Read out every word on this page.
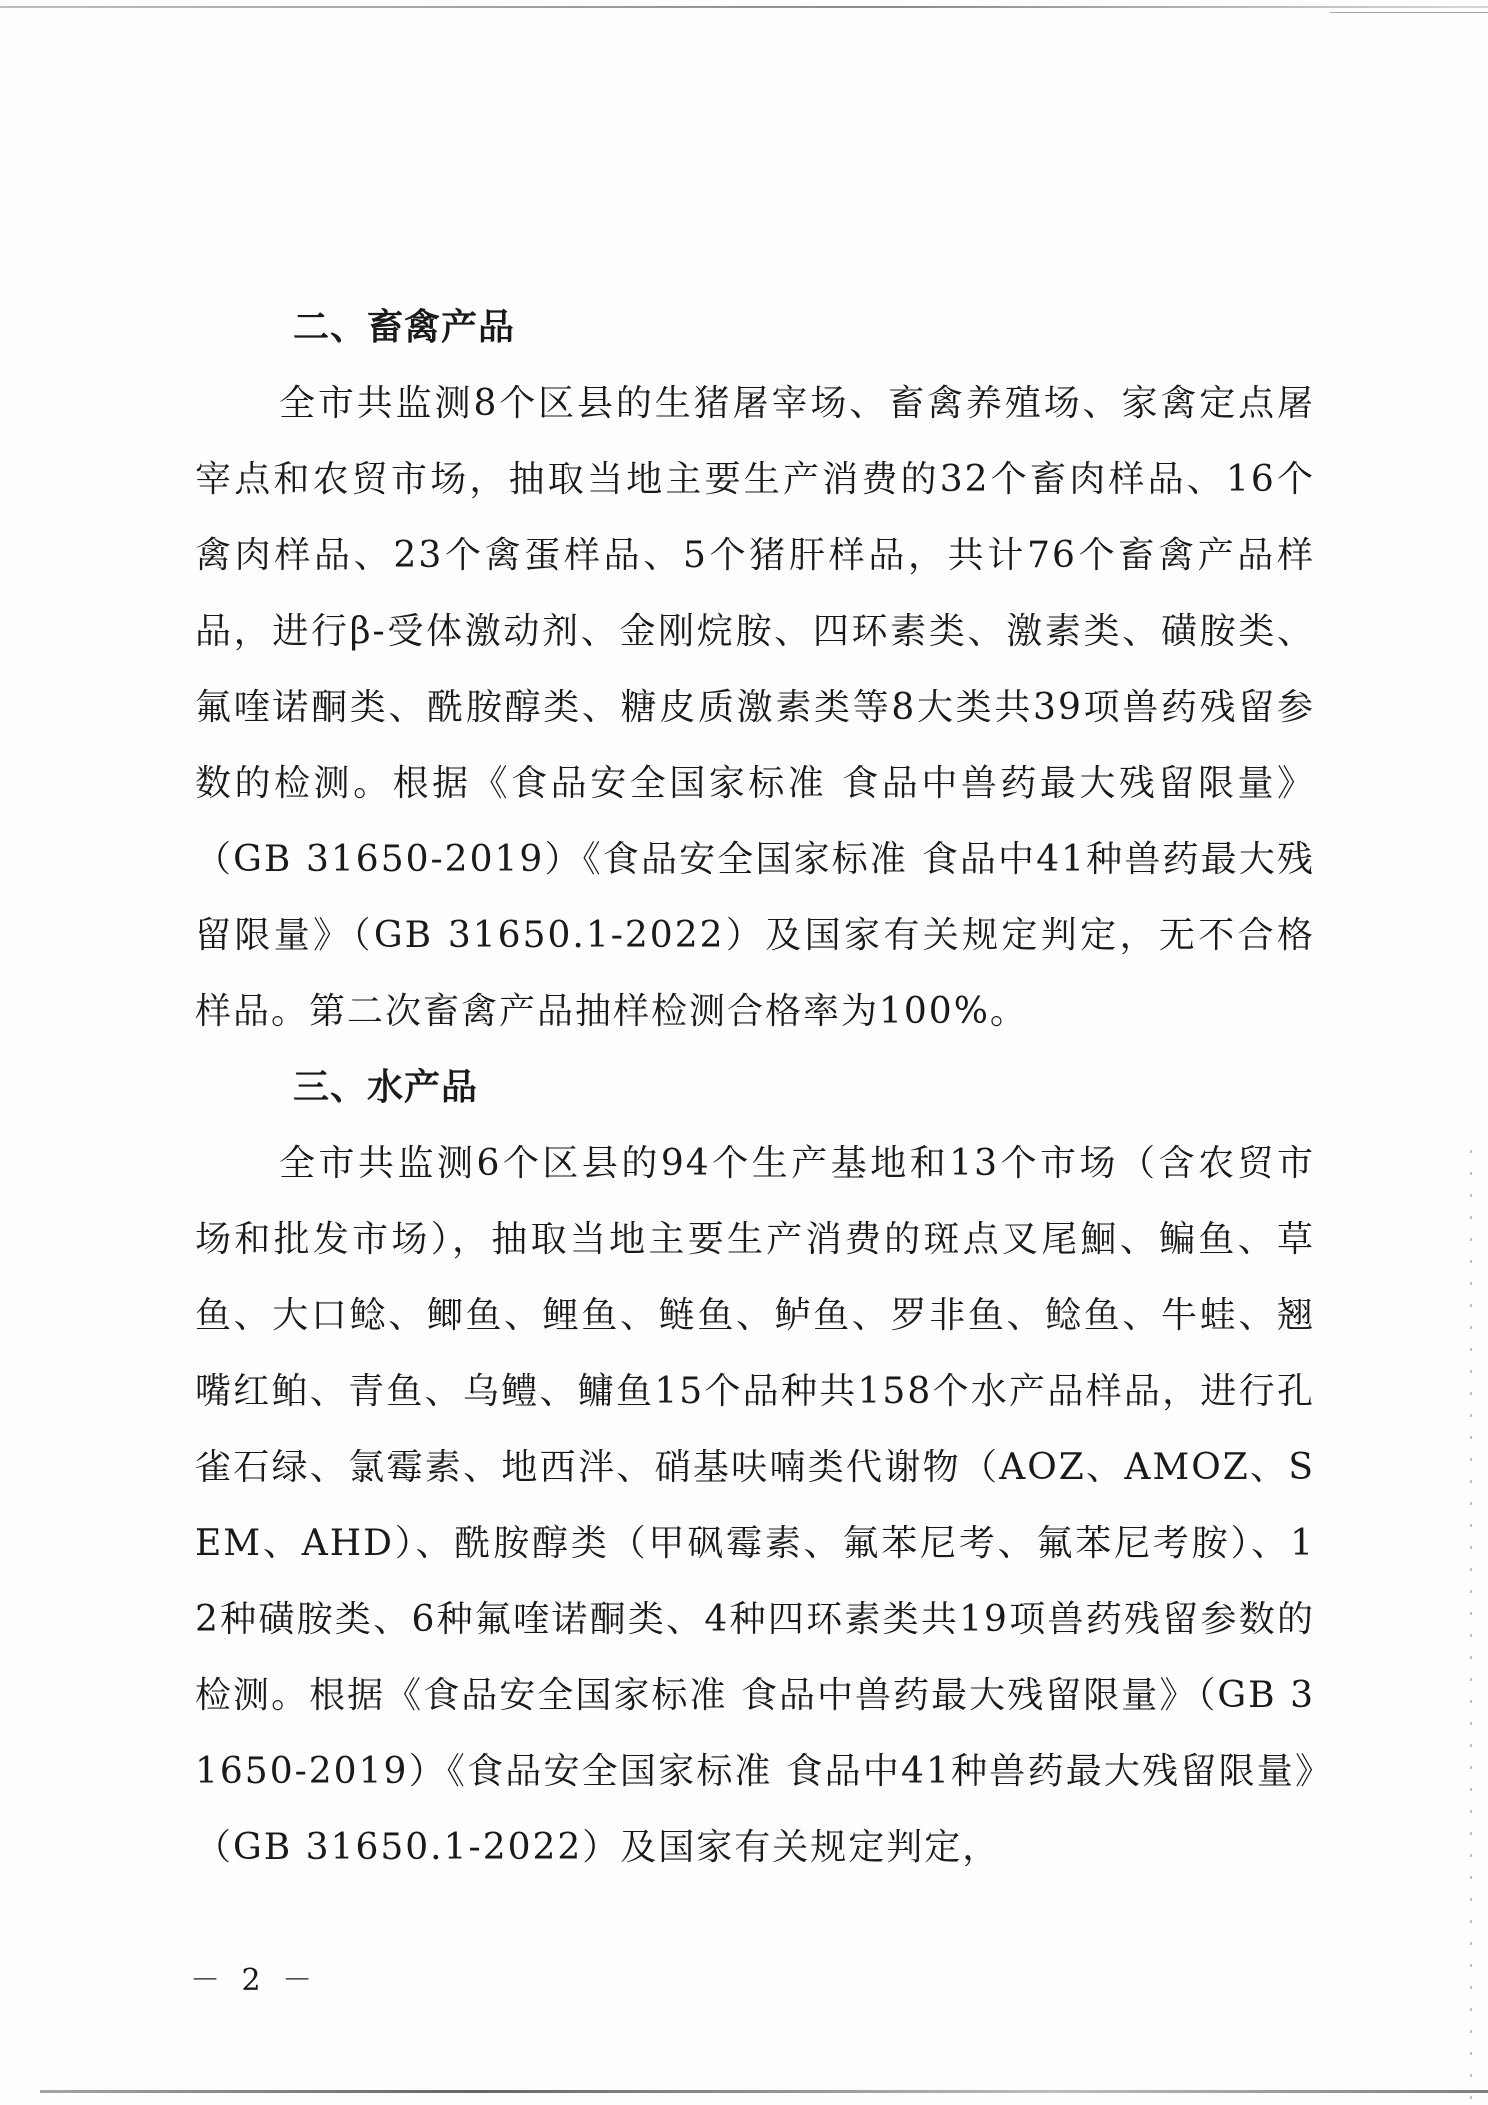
二、畜禽产品

全市共监测8个区县的生猪屠宰场、畜禽养殖场、家禽定点屠宰点和农贸市场，抽取当地主要生产消费的32个畜肉样品、16个禽肉样品、23个禽蛋样品、5个猪肝样品，共计76个畜禽产品样品，进行β-受体激动剂、金刚烷胺、四环素类、激素类、磺胺类、氟喹诺酮类、酰胺醇类、糖皮质激素类等8大类共39项兽药残留参数的检测。根据《食品安全国家标准 食品中兽药最大残留限量》（GB 31650-2019）《食品安全国家标准 食品中41种兽药最大残留限量》（GB 31650.1-2022）及国家有关规定判定，无不合格样品。第二次畜禽产品抽样检测合格率为100%。

三、水产品

全市共监测6个区县的94个生产基地和13个市场（含农贸市场和批发市场），抽取当地主要生产消费的斑点叉尾鮰、鳊鱼、草鱼、大口鲶、鲫鱼、鲤鱼、鲢鱼、鲈鱼、罗非鱼、鲶鱼、牛蛙、翘嘴红鲌、青鱼、乌鳢、鳙鱼15个品种共158个水产品样品，进行孔雀石绿、氯霉素、地西泮、硝基呋喃类代谢物（AOZ、AMOZ、SEM、AHD）、酰胺醇类（甲砜霉素、氟苯尼考、氟苯尼考胺）、12种磺胺类、6种氟喹诺酮类、4种四环素类共19项兽药残留参数的检测。根据《食品安全国家标准 食品中兽药最大残留限量》（GB 31650-2019）《食品安全国家标准 食品中41种兽药最大残留限量》（GB 31650.1-2022）及国家有关规定判定，

－ 2 －
